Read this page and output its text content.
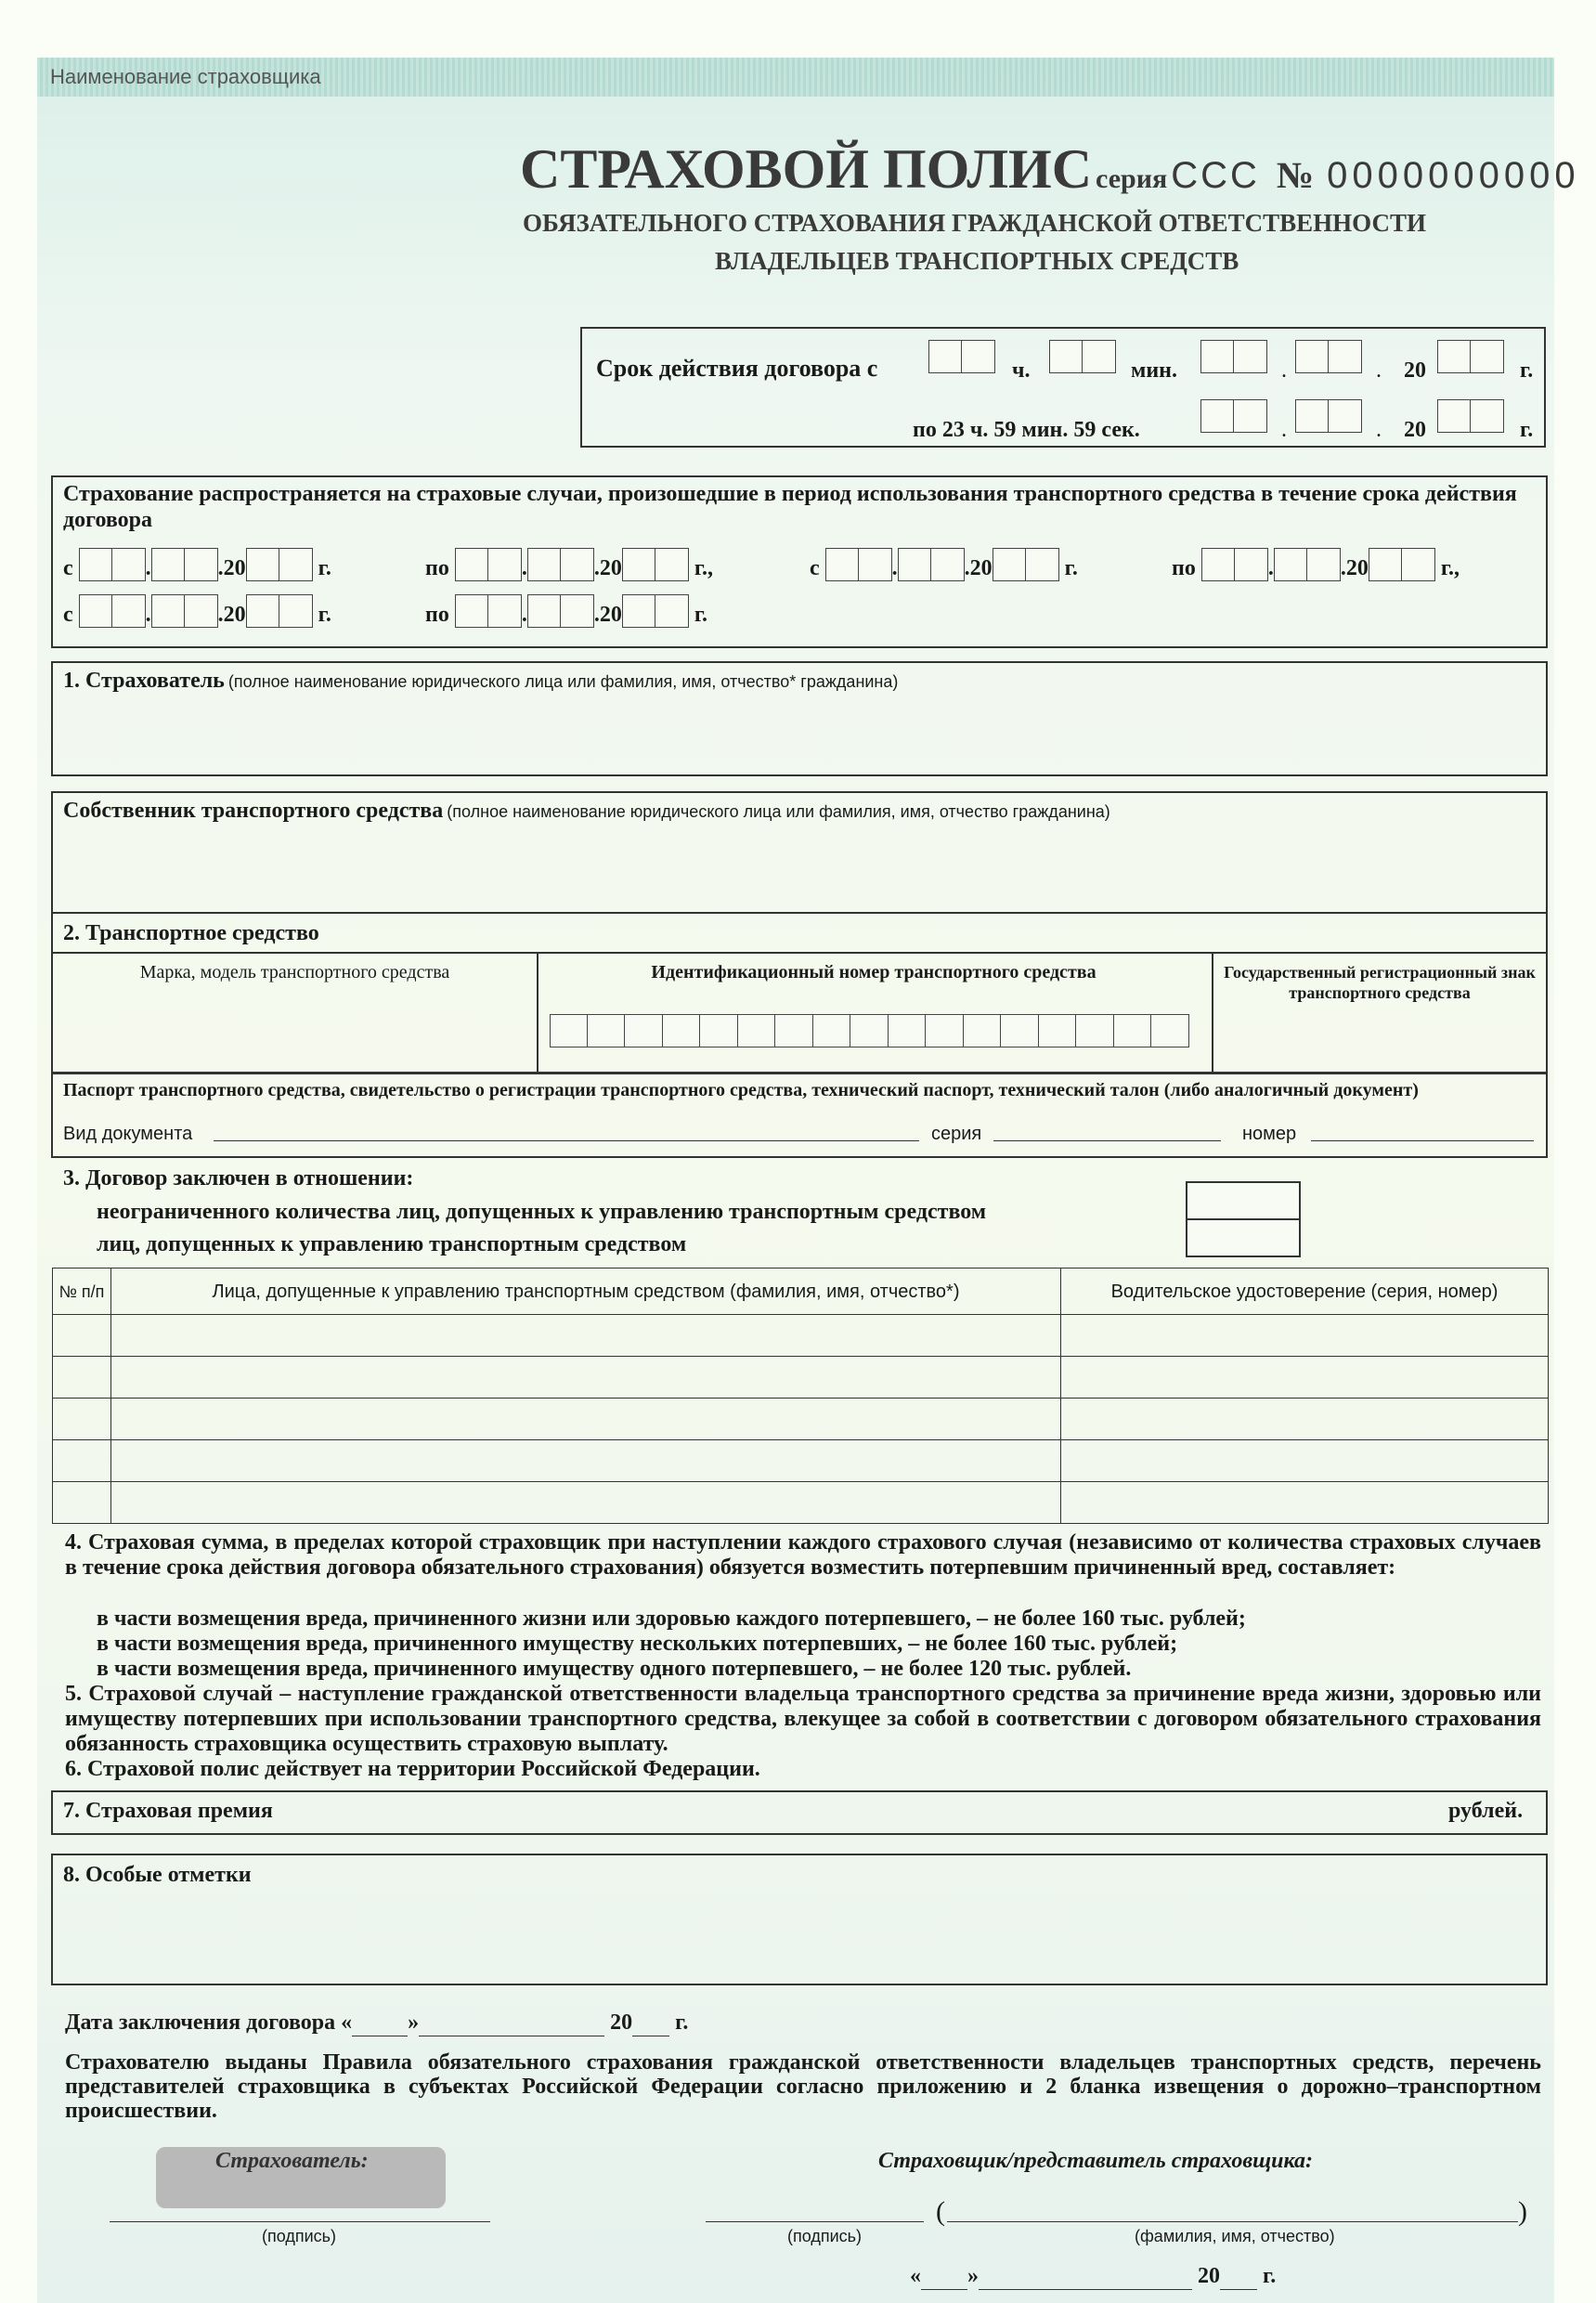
Наименование страховщика
СТРАХОВОЙ ПОЛИС серия ССС № 0000000000
ОБЯЗАТЕЛЬНОГО СТРАХОВАНИЯ ГРАЖДАНСКОЙ ОТВЕТСТВЕННОСТИ
ВЛАДЕЛЬЦЕВ ТРАНСПОРТНЫХ СРЕДСТВ
Срок действия договора с	ч.	мин.	.	. 20	г.
по 23 ч. 59 мин. 59 сек.	.	. 20	г.
Страхование распространяется на страховые случаи, произошедшие в период использования транспортного средства в течение срока действия договора
с	.	.20	г.	по	.	.20	г.,	с	.	.20	г.	по	.	.20	г.,
с	.	.20	г.	по	.	.20	г.
1. Страхователь (полное наименование юридического лица или фамилия, имя, отчество* гражданина)
Собственник транспортного средства (полное наименование юридического лица или фамилия, имя, отчество гражданина)
2. Транспортное средство
Марка, модель транспортного средства	Идентификационный номер транспортного средства	Государственный регистрационный знак транспортного средства
Паспорт транспортного средства, свидетельство о регистрации транспортного средства, технический паспорт, технический талон (либо аналогичный документ)
Вид документа	серия	номер
3. Договор заключен в отношении:
неограниченного количества лиц, допущенных к управлению транспортным средством
лиц, допущенных к управлению транспортным средством
№ п/п	Лица, допущенные к управлению транспортным средством (фамилия, имя, отчество*)	Водительское удостоверение (серия, номер)

4. Страховая сумма, в пределах которой страховщик при наступлении каждого страхового случая (независимо от количества страховых случаев в течение срока действия договора обязательного страхования) обязуется возместить потерпевшим причиненный вред, составляет:
в части возмещения вреда, причиненного жизни или здоровью каждого потерпевшего, – не более 160 тыс. рублей;
в части возмещения вреда, причиненного имуществу нескольких потерпевших, – не более 160 тыс. рублей;
в части возмещения вреда, причиненного имуществу одного потерпевшего, – не более 120 тыс. рублей.
5. Страховой случай – наступление гражданской ответственности владельца транспортного средства за причинение вреда жизни, здоровью или имуществу потерпевших при использовании транспортного средства, влекущее за собой в соответствии с договором обязательного страхования обязанность страховщика осуществить страховую выплату.
6. Страховой полис действует на территории Российской Федерации.
7. Страховая премия	рублей.
8. Особые отметки
Дата заключения договора «	»	20 г.
Страхователю выданы Правила обязательного страхования гражданской ответственности владельцев транспортных средств, перечень представителей страховщика в субъектах Российской Федерации согласно приложению и 2 бланка извещения о дорожно–транспортном происшествии.
Страхователь:	Страховщик/представитель страховщика:
(подпись)	(подпись)
(	)
(фамилия, имя, отчество)
« »	20 г.
